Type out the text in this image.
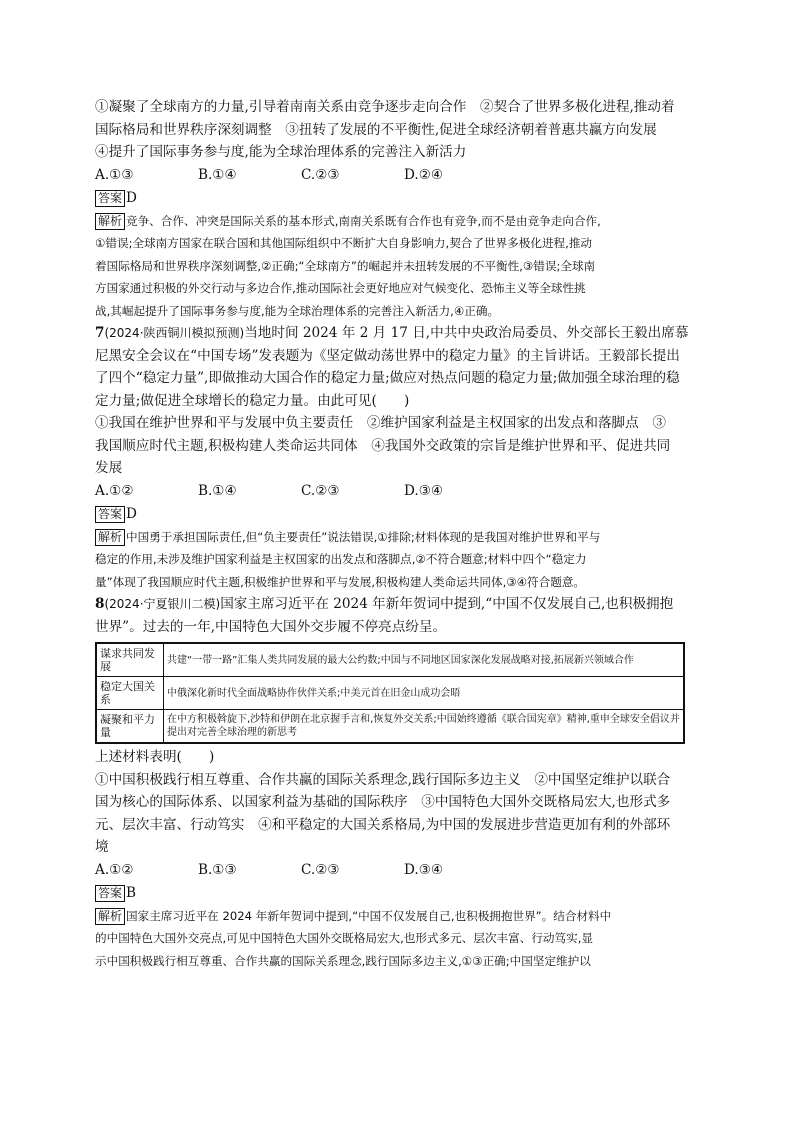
①凝聚了全球南方的力量,引导着南南关系由竞争逐步走向合作　②契合了世界多极化进程,推动着
国际格局和世界秩序深刻调整　③扭转了发展的不平衡性,促进全球经济朝着普惠共赢方向发展
④提升了国际事务参与度,能为全球治理体系的完善注入新活力
A.①③	B.①④	C.②③	D.②④
答案 D
解析 竞争、合作、冲突是国际关系的基本形式,南南关系既有合作也有竞争,而不是由竞争走向合作,
①错误;全球南方国家在联合国和其他国际组织中不断扩大自身影响力,契合了世界多极化进程,推动
着国际格局和世界秩序深刻调整,②正确;“全球南方”的崛起并未扭转发展的不平衡性,③错误;全球南
方国家通过积极的外交行动与多边合作,推动国际社会更好地应对气候变化、恐怖主义等全球性挑
战,其崛起提升了国际事务参与度,能为全球治理体系的完善注入新活力,④正确。
7(2024·陕西铜川模拟预测)当地时间 2024 年 2 月 17 日,中共中央政治局委员、外交部长王毅出席慕
尼黑安全会议在“中国专场”发表题为《坚定做动荡世界中的稳定力量》的主旨讲话。王毅部长提出
了四个“稳定力量”,即做推动大国合作的稳定力量;做应对热点问题的稳定力量;做加强全球治理的稳
定力量;做促进全球增长的稳定力量。由此可见(　　)
①我国在维护世界和平与发展中负主要责任　②维护国家利益是主权国家的出发点和落脚点　③
我国顺应时代主题,积极构建人类命运共同体　④我国外交政策的宗旨是维护世界和平、促进共同
发展
A.①②	B.①④	C.②③	D.③④
答案 D
解析 中国勇于承担国际责任,但“负主要责任”说法错误,①排除;材料体现的是我国对维护世界和平与
稳定的作用,未涉及维护国家利益是主权国家的出发点和落脚点,②不符合题意;材料中四个“稳定力
量”体现了我国顺应时代主题,积极维护世界和平与发展,积极构建人类命运共同体,③④符合题意。
8(2024·宁夏银川二模)国家主席习近平在 2024 年新年贺词中提到,“中国不仅发展自己,也积极拥抱
世界”。过去的一年,中国特色大国外交步履不停亮点纷呈。
谋求共同发展	共建“一带一路”汇集人类共同发展的最大公约数;中国与不同地区国家深化发展战略对接,拓展新兴领域合作
稳定大国关系	中俄深化新时代全面战略协作伙伴关系;中美元首在旧金山成功会晤
凝聚和平力量	在中方积极斡旋下,沙特和伊朗在北京握手言和,恢复外交关系;中国始终遵循《联合国宪章》精神,重申全球安全倡议并提出对完善全球治理的新思考
上述材料表明(　　)
①中国积极践行相互尊重、合作共赢的国际关系理念,践行国际多边主义　②中国坚定维护以联合
国为核心的国际体系、以国家利益为基础的国际秩序　③中国特色大国外交既格局宏大,也形式多
元、层次丰富、行动笃实　④和平稳定的大国关系格局,为中国的发展进步营造更加有利的外部环
境
A.①②	B.①③	C.②③	D.③④
答案 B
解析 国家主席习近平在 2024 年新年贺词中提到,“中国不仅发展自己,也积极拥抱世界”。结合材料中
的中国特色大国外交亮点,可见中国特色大国外交既格局宏大,也形式多元、层次丰富、行动笃实,显
示中国积极践行相互尊重、合作共赢的国际关系理念,践行国际多边主义,①③正确;中国坚定维护以
